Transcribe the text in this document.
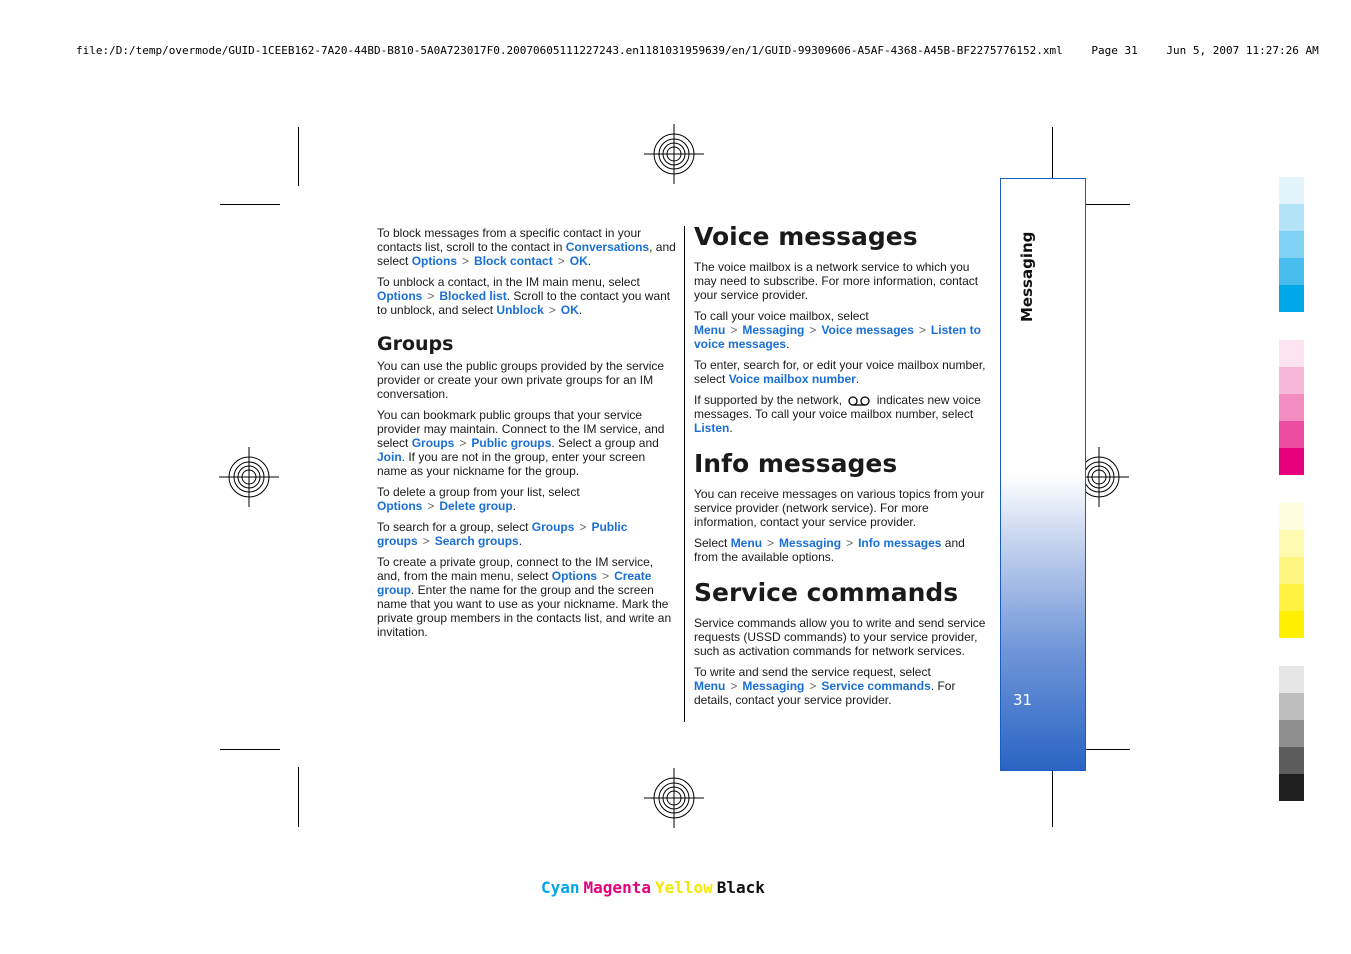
file:/D:/temp/overmode/GUID-1CEEB162-7A20-44BD-B810-5A0A723017F0.20070605111227243.en1181031959639/en/1/GUID-99309606-A5AF-4368-A45B-BF2275776152.xml	Page 31	Jun 5, 2007 11:27:26 AM

To block messages from a specific contact in your contacts list, scroll to the contact in Conversations, and select Options > Block contact > OK.

To unblock a contact, in the IM main menu, select Options > Blocked list. Scroll to the contact you want to unblock, and select Unblock > OK.

Groups

You can use the public groups provided by the service provider or create your own private groups for an IM conversation.

You can bookmark public groups that your service provider may maintain. Connect to the IM service, and select Groups > Public groups. Select a group and Join. If you are not in the group, enter your screen name as your nickname for the group.

To delete a group from your list, select Options > Delete group.

To search for a group, select Groups > Public groups > Search groups.

To create a private group, connect to the IM service, and, from the main menu, select Options > Create group. Enter the name for the group and the screen name that you want to use as your nickname. Mark the private group members in the contacts list, and write an invitation.

Voice messages

The voice mailbox is a network service to which you may need to subscribe. For more information, contact your service provider.

To call your voice mailbox, select Menu > Messaging > Voice messages > Listen to voice messages.

To enter, search for, or edit your voice mailbox number, select Voice mailbox number.

If supported by the network,  indicates new voice messages. To call your voice mailbox number, select Listen.

Info messages

You can receive messages on various topics from your service provider (network service). For more information, contact your service provider.

Select Menu > Messaging > Info messages and from the available options.

Service commands

Service commands allow you to write and send service requests (USSD commands) to your service provider, such as activation commands for network services.

To write and send the service request, select Menu > Messaging > Service commands. For details, contact your service provider.

Messaging
31
Cyan Magenta Yellow Black
